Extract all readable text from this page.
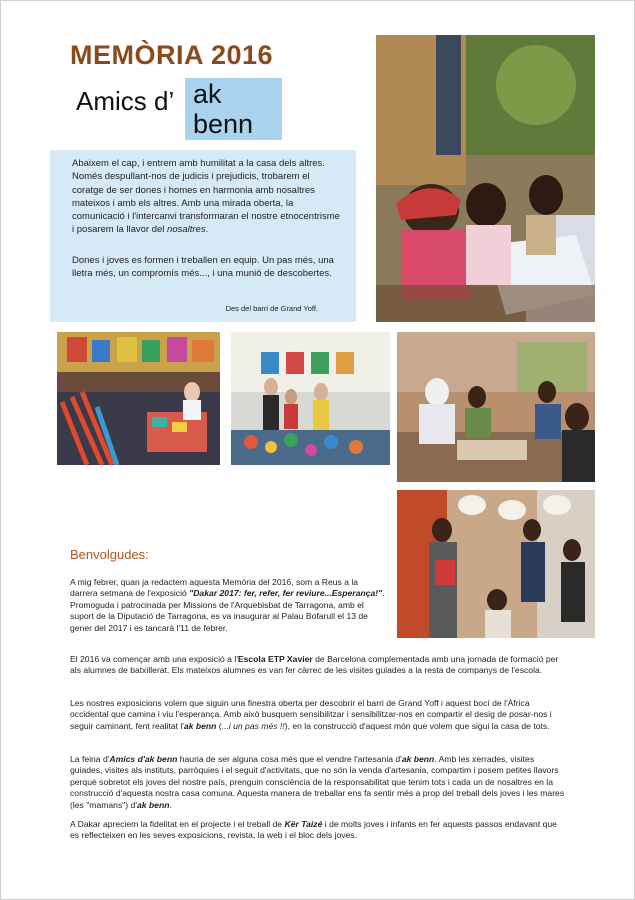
MEMÒRIA 2016
Amics d’ ak
benn

Abaixem el cap, i entrem amb humilitat a la casa dels altres. Només despullant-nos de judicis i prejudicis, trobarem el coratge de ser dones i homes en harmonia amb nosaltres mateixos i amb els altres. Amb una mirada oberta, la comunicació i l'intercanvi transformaran el nostre etnocentrisme i posarem la llavor del nosaltres.

Dones i joves es formen i treballen en equip. Un pas més, una lletra més, un compromís més..., i una munió de descobertes.

Des del barri de Grand Yoff.
Benvolgudes:

A mig febrer, quan ja redactem aquesta Memòria del 2016, som a Reus a la darrera setmana de l'exposició "Dakar 2017: fer, refer, fer reviure...Esperança!". Promoguda i patrocinada per Missions de l'Arquebisbat de Tarragona, amb el suport de la Diputació de Tarragona, es va inaugurar al Palau Bofarull el 13 de gener del 2017 i es tancarà l'11 de febrer.

El 2016 va començar amb una exposició a l'Escola ETP Xavier de Barcelona complementada amb una jornada de formació per als alumnes de batxillerat. Els mateixos alumnes es van fer càrrec de les visites guiades a la resta de companys de l'escola.

Les nostres exposicions volem que siguin una finestra oberta per descobrir el barri de Grand Yoff i aquest bocí de l'Àfrica occidental que camina i viu l'esperança. Amb això busquem sensibilitzar i sensibilitzar-nos en compartir el desig de posar-nos i seguir caminant, fent realitat l'ak benn (...i un pas més !!), en la construcció d'aquest món que volem que sigui la casa de tots.

La feina d'Amics d'ak benn hauria de ser alguna cosa més que el vendre l'artesania d'ak benn. Amb les xerrades, visites guiades, visites als instituts, parròquies i el seguit d'activitats, que no són la venda d'artesania, compartim i posem petites llavors perquè sobretot els joves del nostre país, prenguin consciència de la responsabilitat que tenim tots i cada un de nosaltres en la construcció d'aquesta nostra casa comuna. Aquesta manera de treballar ens fa sentir més a prop del treball dels joves i les mares (les "mamans") d'ak benn.

A Dakar apreciem la fidelitat en el projecte i el treball de Kër Taizé i de molts joves i infants en fer aquests passos endavant que es reflecteixen en les seves exposicions, revista, la web i el bloc dels joves.
